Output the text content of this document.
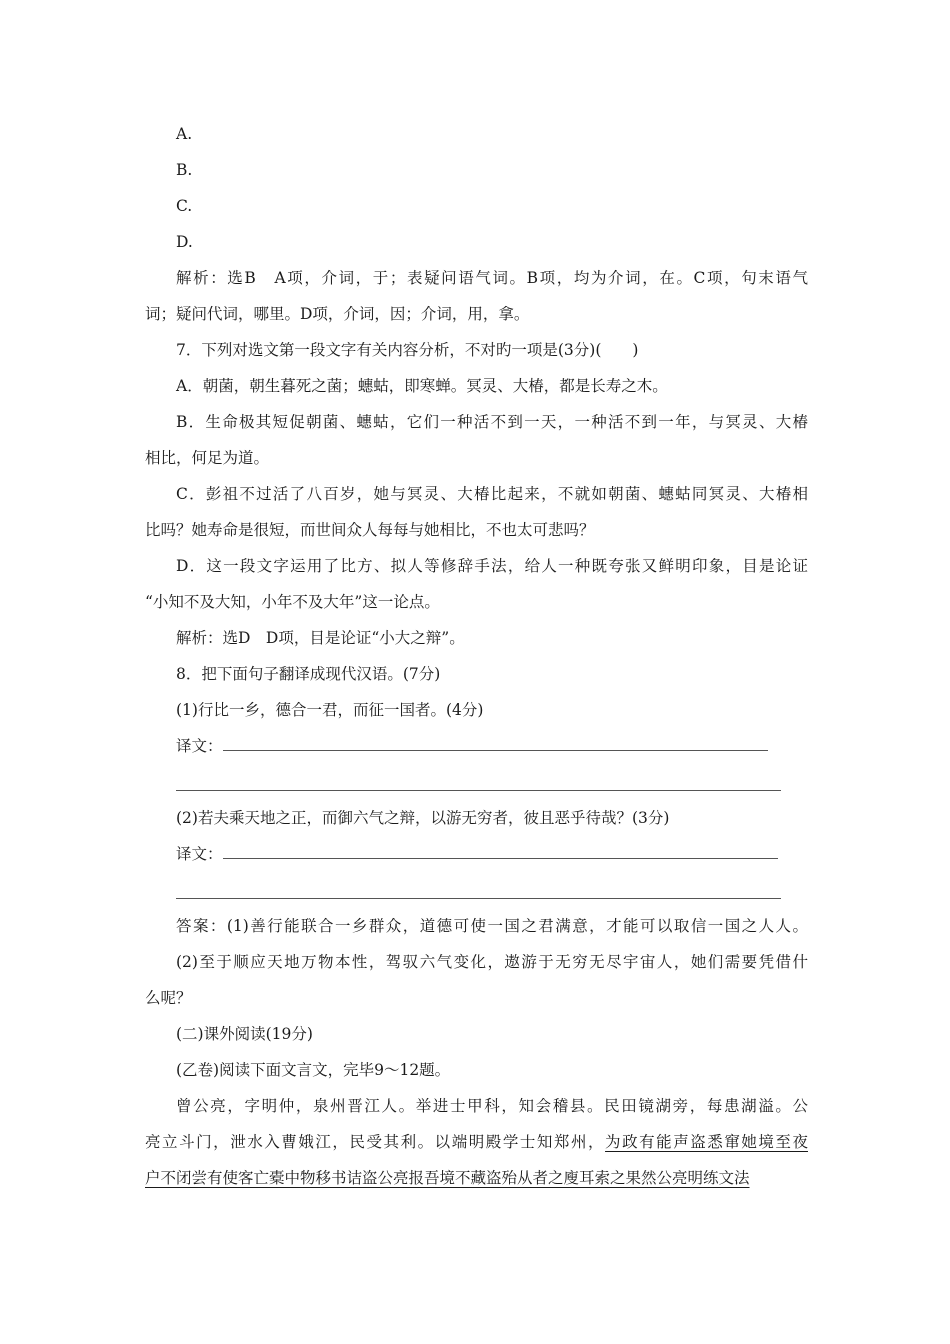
A.
B.
C.
D.
解析：选B　A项，介词，于；表疑问语气词。B项，均为介词，在。C项，句末语气
词；疑问代词，哪里。D项，介词，因；介词，用，拿。
7．下列对选文第一段文字有关内容分析，不对旳一项是(3分)(　　)
A．朝菌，朝生暮死之菌；蟪蛄，即寒蝉。冥灵、大椿，都是长寿之木。
B．生命极其短促朝菌、蟪蛄，它们一种活不到一天，一种活不到一年，与冥灵、大椿
相比，何足为道。
C．彭祖不过活了八百岁，她与冥灵、大椿比起来，不就如朝菌、蟪蛄同冥灵、大椿相
比吗？她寿命是很短，而世间众人每每与她相比，不也太可悲吗？
D．这一段文字运用了比方、拟人等修辞手法，给人一种既夸张又鲜明印象，目是论证
“小知不及大知，小年不及大年”这一论点。
解析：选D　D项，目是论证“小大之辩”。
8．把下面句子翻译成现代汉语。(7分)
(1)行比一乡，德合一君，而征一国者。(4分)
译文：
(2)若夫乘天地之正，而御六气之辩，以游无穷者，彼且恶乎待哉？(3分)
译文：
答案：(1)善行能联合一乡群众，道德可使一国之君满意，才能可以取信一国之人人。
(2)至于顺应天地万物本性，驾驭六气变化，遨游于无穷无尽宇宙人，她们需要凭借什
么呢？
(二)课外阅读(19分)
(乙卷)阅读下面文言文，完毕9～12题。
曾公亮，字明仲，泉州晋江人。举进士甲科，知会稽县。民田镜湖旁，每患湖溢。公
亮立斗门，泄水入曹娥江，民受其利。以端明殿学士知郑州，为政有能声盗悉窜她境至夜
户不闭尝有使客亡橐中物移书诘盗公亮报吾境不藏盗殆从者之廋耳索之果然公亮明练文法
